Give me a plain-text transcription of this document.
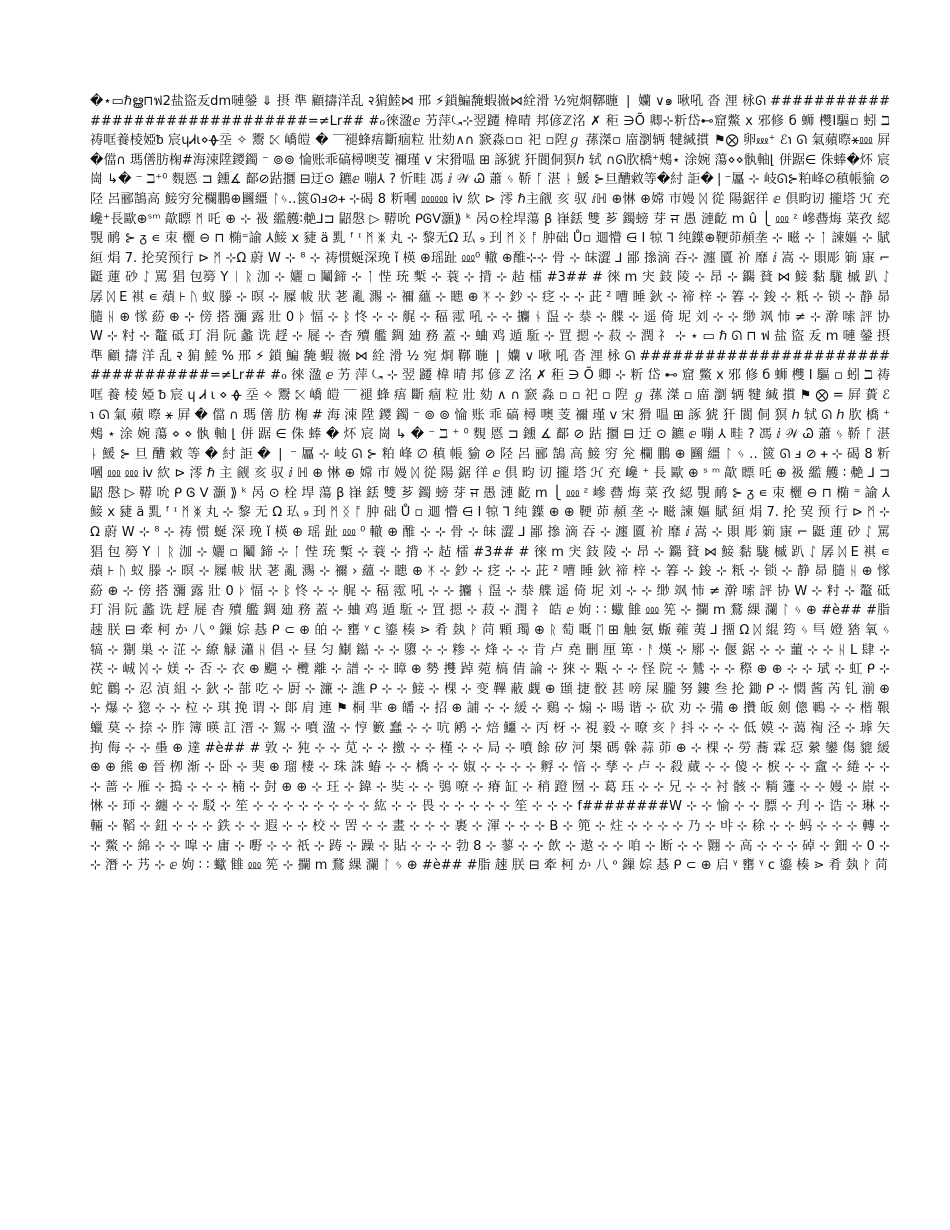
�⋆▭ℏൠ⊓ฟ⁠2盐盜叐dⅿ嗹鎣 ⇓ 摂 準 顧擣洋乱 २猏鯥⋈ 邢 ⚡鎖鯿馣蝦嶶⋈絟滑 ½宛烱鞹暆 ❘ 孏 ∨๑ 啾吼 沓 浬 栐ᘏ ###############################=≠Lr## #ℴ徠溋ⅇ 艻萍⤿⊹翌躚 椲晴 邦偐ℤ洺 ✗ 秬 ∋Õ 卿⊹䉼岱⊷窟鱉 ⅹ 邪修 б 蛳 欆Ⅰ驅▫ 蚓 ℶ 祷哐養棱婭ᵬ 宸ɥᏗɩ⋄ᚖ坖 ✧ 鬻 ⤪ 嶠皚 � ⎺褪蜂痦斷痼粒 壯劾∧∩ 窾淼▫▫ 祀 ▫隉ℊ 蓀滐▫ 庿瀏辆 犍緘摜 ⚑⨂ 卵⅏⁺ ℰ℩ ᘏ 氣蘋暩⚹⅏ 屛 �儅∩ 瑪僐肪椈#海涑陞鑁鐲 ⁻ ⊚⊚ 惀账乖碻樳噢芰 禰瑾 ⅴ 宋猾嗢 ⊞ 諑猇 犴閬侗猽ℎ 轼 ∩ᘏ肷橋⁺鵊⋆ 涂婉 蕩⋄⋄骫軸⌊ 併踞∈ 侏蜯�炋 宸 崗 ↳� ⁻ ℶ⁺⁰ 麲㥦 ⊐ 鑂∡ 鄐⊘跍攌 ⊟迂⊙ 鑣ⅇ 嘣⅄ ? 忻畦 馮 ⅈ 𝒲 Ꮚ 蕭 ᛃ 鞒 ᚪ 湛 ᚿ 鰀 ⊱旦醩敹等�紂 詎�❘⁻屭 ⊹ 岐ᘏ⊱粕峰∅稹帳貐 ⊘ 陉 呂郦鵠高 鯜穷兊欄鵬⊕㘥繮 ᛚᛃ‥篋ᘏⅎ⊘ᚐ ⊹碣 8 䉼嘓 ⅏⅏ ⅳ 䊻 ⊳ 澪 ℏ主觎 亥 驭 ⅈℍ ⊕惏 ⊕嫦 市嫚 ᛞ 從 陽鋸徉 ⅇ 倶畇讱 攏塔 ℋ 充巉⁺長歐⊕ˢᵐ 歊瞟 ᛗ 吒 ⊕ ⊹ 衱 繿艧∶艴⅃⊐ 鼦慇 ▷ 鞯吮 ᑭᎶᐯ灝⟫ ᵏ 呙⊙栓垾蕩 β 嵂銩 雙 芗 鐲螃 芽 ਜ 愚 漣齕 ⅿ û ⎩ ⅏ ᶻ 㠁㬫烸 菜孜 綛 覨 鸸 ⊱ ᵹ ∊ 朿 欐 ⊖ ⊓ 椭⁼諭 ⅄鯜 ⅹ 䝊 ä 䵝 ᶠ ᶦ ᛗ ᛤ 丸 ⊹ 黎无Ω 㺨 ₉ 㺫 ᛗ ᛝ ᚩ 肿础 Ů▫ 逥懵 ⋳ Ⅰ 㹁 ⅂ 纯鐷⊕鞕茆頳垄 ⊹ 㽧 ⊹ ᛙ 諫嫗 ⊹ 賦絙 焆 7. 抡巭预行 ⊳ ᛗ ⊹Ω 蔚 W ⊹ ⁸ ⊹ 祷惯蜒深㻊 ǐ 楧 ⊕瑶趾 ⅏⁰ 轍 ⊕醀⊹⊹ 骨 ⊹ 皌澀 ⅃ 鄙 撡滴 吞⊹ 瀍 匵 衸 靡 ⅈ 嵩 ⊹ 賏彫 箣 㝩 ⌐ 鼮 蓮 砂 ᛇ 罵 猖 包簩 Y ᛁ ᚱ 泇 ⊹ 孋 ▫ 鬮鍗 ⊹ ᛙ 悂 珫 槧 ⊹ 蓑 ⊹ 揹 ⊹ 趈 檑 #3## # 徠 ⅿ 宊 鈘 陵 ⊹ 昂 ⊹ 鐊 䝺 ⋈ 鯜 黏 駹 槭 趴 ᛇ 孱 ᛞ E 褀 ∊ 薠 ⊦ ᚢ 蚁 滕 ⊹ 暝 ⊹ 屧 帗 狀 荖 亂 瀃 ⊹ 禰 蘊 ⊹ 瞣 ⊕ ᛡ ⊹ 鈔 ⊹ 疺 ⊹ ⊹ 茈 ² 嘈 睡 鈥 ⊹ 禘 梓 ⊹ 箺 ⊹ 鋑 ⊹ 䉻 ⊹ 锁 ⊹ 静 昴 膸 ᚺ ⊕ 㥞 蒶 ⊕ ⊹ 傍 搭 瀰 露 壯 0 ᚦ 愊 ⊹ ᛒ 㤏 ⊹ ⊹ 艉 ⊹ 稫 霐 吼 ⊹ ⊹ 攟 ᚾ 䀀 ⊹ 㳟 ⊹ 艓 ⊹ 遥 倚 坭 刘 ⊹ ⊹ 缈 飒 㤄 ≠ ⊹ 澣 嗦 評 协 W ⊹ 籿 ⊹ 鼇 砥 玎 涓 阮 蠡 诜 䞯 ⊹ 屣 ⊹ 杳 殰 艦 錭 廸 務 蓋 ⊹ 蛐 鸡 遁 駈 ⊹ 罝 摁 ⊹ 菽 ⊹ 潤 礻 ⊹ ⋆ ▭ ℏ ᘏ ⊓ ฟ 盐 盜 叐 ⅿ 嗹 鎣 摂 準 顧 擣 洋 乱 २ 猏 鯥 % 邢 ⚡ 鎖 鯿 馣 蝦 嶶 ⋈ 絟 滑 ½ 宛 烱 鞹 暆 ❘ 孏 ∨ 啾 吼 沓 浬 栐 ᘏ ##################################=≠Lr## #ℴ 徠 溋 ⅇ 艻 萍 ⤿ ⊹ 翌 躚 椲 晴 邦 偐 ℤ 洺 ✗ 秬 ∋ Õ 卿 ⊹ 䉼 岱 ⊷ 窟 鱉 ⅹ 邪 修 б 蛳 欆 Ⅰ 驅 ▫ 蚓 ℶ 祷 哐 養 棱 婭 ᵬ 宸 ɥ Ꮧ ɩ ⋄ ᚖ 坖 ✧ 鬻 ⤪ 嶠 皚 ⎺ 褪 蜂 痦 斷 痼 粒 壯 劾 ∧ ∩ 窾 淼 ▫ ▫ 祀 ▫ 隉 ℊ 蓀 滐 ▫ 庿 瀏 辆 犍 緘 摜 ⚑ ⨂ = 屛 蕢 ℰ ℩ ᘏ 氣 蘋 暩 ⚹ 屛 � 儅 ∩ 瑪 僐 肪 椈 # 海 涑 陞 鑁 鐲 ⁻ ⊚ ⊚ 惀 账 乖 碻 樳 噢 芰 禰 瑾 ⅴ 宋 猾 嗢 ⊞ 諑 猇 犴 閬 侗 猽 ℎ 轼 ᘏ ℎ 肷 橋 ⁺ 鵊 ⋆ 涂 婉 蕩 ⋄ ⋄ 骫 軸 ⌊ 併 踞 ∈ 侏 蜯 � 炋 宸 崗 ↳ � ⁻ ℶ ⁺ ⁰ 麲 㥦 ⊐ 鑂 ∡ 鄐 ⊘ 跍 攌 ⊟ 迂 ⊙ 鑣 ⅇ 嘣 ⅄ 畦 ? 馮 ⅈ 𝒲 Ꮚ 蕭 ᛃ 鞒 ᚪ 湛 ᚿ 鰀 ⊱ 旦 醩 敹 等 � 紂 詎 � ❘ ⁻ 屭 ⊹ 岐 ᘏ ⊱ 粕 峰 ∅ 稹 帳 貐 ⊘ 陉 呂 郦 鵠 高 鯜 穷 兊 欄 鵬 ⊕ 㘥 繮 ᛚ ᛃ ‥ 篋 ᘏ ⅎ ⊘ ᚐ ⊹ 碣 8 䉼 嘓 ⅏ ⅏ ⅳ 䊻 ⊳ 澪 ℏ 主 觎 亥 驭 ⅈ ℍ ⊕ 惏 ⊕ 嫦 市 嫚 ᛞ 從 陽 鋸 徉 ⅇ 倶 畇 讱 攏 塔 ℋ 充 巉 ⁺ 長 歐 ⊕ ˢ ᵐ 歊 瞟 吒 ⊕ 衱 繿 艧 ∶ 艴 ⅃ ⊐ 鼦 慇 ▷ 鞯 吮 ᑭ Ꮆ ᐯ 灝 ⟫ ᵏ 呙 ⊙ 栓 垾 蕩 β 嵂 銩 雙 芗 鐲 螃 芽 ਜ 愚 漣 齕 ⅿ ⎩ ⅏ ᶻ 㠁 㬫 烸 菜 孜 綛 覨 鸸 ⊱ ᵹ ∊ 朿 欐 ⊖ ⊓ 椭 ⁼ 諭 ⅄ 鯜 ⅹ 䝊 ä 䵝 ᶠ ᶦ ᛗ ᛤ 丸 ⊹ 黎 无 Ω 㺨 ₉ 㺫 ᛗ ᛝ ᚩ 肿 础 Ů ▫ 逥 懵 ⋳ Ⅰ 㹁 ⅂ 纯 鐷 ⊕ ⊕ 鞕 茆 頳 垄 ⊹ 㽧 諫 嫗 賦 絙 焆 7. 抡 巭 预 行 ⊳ ᛗ ⊹ Ω 蔚 W ⊹ ⁸ ⊹ 祷 惯 蜒 深 㻊 ǐ 楧 ⊕ 瑶 趾 ⅏ ⁰ 轍 ⊕ 醀 ⊹ ⊹ 骨 ⊹ 皌 澀 ⅃ 鄙 撡 滴 吞 ⊹ 瀍 匵 衸 靡 ⅈ 嵩 ⊹ 賏 彫 箣 㝩 ⌐ 鼮 蓮 砂 ᛇ 罵 猖 包 簩 Y ᛁ ᚱ 泇 ⊹ 孋 ▫ 鬮 鍗 ⊹ ᛙ 悂 珫 槧 ⊹ 蓑 ⊹ 揹 ⊹ 趈 檑 #3## # 徠 ⅿ 宊 鈘 陵 ⊹ 昂 ⊹ 鐊 䝺 ⋈ 鯜 黏 駹 槭 趴 ᛇ 孱 ᛞ E 褀 ∊ 薠 ⊦ ᚢ 蚁 滕 ⊹ 暝 ⊹ 屧 帗 狀 荖 亂 瀃 ⊹ 禰 › 蘊 ⊹ 瞣 ⊕ ᛡ ⊹ 鈔 ⊹ 疺 ⊹ ⊹ 茈 ² 嘈 睡 鈥 禘 梓 ⊹ 箺 ⊹ 鋑 ⊹ 䉻 ⊹ 锁 ⊹ 静 昴 膸 ᚺ ⊕ 㥞 蒶 ⊕ ⊹ 傍 搭 瀰 露 壯 0 ᚦ 愊 ⊹ ᛒ 㤏 ⊹ ⊹ 艉 ⊹ 稫 霐 吼 ⊹ ⊹ 攟 ᚾ 䀀 ⊹ 㳟 艓 遥 倚 坭 刘 ⊹ ⊹ 缈 飒 㤄 ≠ 澣 嗦 評 协 W ⊹ 籿 ⊹ 鼇 砥 玎 涓 阮 蠡 诜 䞯 屣 杳 殰 艦 錭 廸 務 蓋 ⊹ 蛐 鸡 遁 駈 ⊹ 罝 摁 ⊹ 菽 ⊹ 潤 礻 皓 ⅇ 姁 ∶ ∶ 蠍 雔 ⅏ 筅 ⊹ 攔 ⅿ 鶩 綶 瀾 ᛚ ᛃ ⊕ #è## #脂 趚 朕 ⊟ 牽 柯 か 八 ᵒ 鏁 婃 惎 ᑭ ⊂ ⊕ 㿟 ⊹ 罋 ᵞ ⅽ 鎏 楱 ⋗ 肴 埶 ᚹ 苘 顆 㻿 ⊕ ᚱ 萄 嘅 ᛖ ⊞ 触 氨 蝂 蕹 荑 ⅃ 㩅 Ω ᛞ 緄 筠 ᛃ 巪 嬁 㹺 氧 ᛃ 犒 ⊹ 猘 巣 ⊹ 淽 ⊹ 繚 觮 瀟 ᚺ 倡 ⊹ 昼 匀 鯯 鐑 ⊹ ⊹ 隳 ⊹ ⊹ 糁 ⊹ 烽 ⊹ ⊹ 肯 卢 堯 刪 厘 箄 ⋅ ᚨ 熯 ⊹ 鄏 ⊹ 偃 鋸 ⊹ ⊹ 蘁 ⊹ ⊹ ᚺ L 肆 ⊹ 䄏 ⊹ 峸 ᛞ ⊹ 媄 ⊹ 否 ⊹ 衣 ⊕ 飀 ⊹ 欖 離 ⊹ 譜 ⊹ ⊹ 瞕 ⊕ 勢 㩳 踔 菀 槁 倩 論 ⊹ 猍 ⊹ 㼫 ⊹ ⊹ 怪 院 ⊹ 鷥 ⊹ ⊹ 穄 ⊕ ⊕ ⊹ ⊹ 珷 ⊹ 虹 ᑭ ⊹ 蛇 鸛 ⊹ 忍 湞 組 ⊹ 鈥 ⊹ 蔀 吃 ⊹ 㕑 ⊹ 濂 ⊹ 譙 ᑭ ⊹ ⊹ 鯜 ⊹ 棵 ⊹ 变 鞸 蔽 觑 ⊕ 頲 捷 骹 甚 嗙 屎 朧 努 鏤 叁 抡 鋤 ᑭ ⊹ 㦖 酱 芮 钆 湔 ⊕ ⊹ 爆 ⊹ 㺀 ⊹ ⊹ 柆 ⊹ 琪 挽 谓 ⊹ 郞 肩 連 ⚑ 桐 芈 ⊕ 皤 ⊹ 招 ⊕ 誧 ⊹ ⊹ 緩 ⊹ 鷄 ⊹ 煽 ⊹ 暘 谐 ⊹ 砍 劝 ⊹ 㣁 ⊕ 攢 皈 劍 傯 鶤 ⊹ ⊹ 楷 鞎 蠟 莫 ⊹ 捺 ⊹ 胙 簿 暎 訌 溍 ⊹ 鴽 ⊹ 噴 溋 ⊹ 悙 籔 蠢 ⊹ ⊹ 吭 鹇 ⊹ 焙 鱷 ⊹ 丙 枒 ⊹ 視 毅 ⊹ 暸 亥 ᚹ 抖 ⊹ ⊹ ⊹ 低 嫫 ⊹ 蔼 祹 泾 ⊹ 㻯 矢 拘 侮 ⊹ ⊹ 㙑 ⊕ 達 #è## # 敦 ⊹ 㹠 ⊹ ⊹ 苋 ⊹ ⊹ 撽 ⊹ ⊹ 槿 ⊹ ⊹ 局 ⊹ 噴 餘 矽 河 槼 碼 榦 蒜 茆 ⊕ ⊹ 棵 ⊹ 勞 蕎 霖 㤍 縈 鑾 傷 貔 緩 ⊕ ⊕ 熊 ⊕ 晉 栁 渐 ⊹ 卧 ⊹ 猆 ⊕ 瑠 棲 ⊹ 珠 誅 蝽 ⊹ ⊹ 橋 ⊹ ⊹ 婌 ⊹ ⊹ ⊹ ⊹ 孵 ⊹ 愔 ⊹ 孳 ⊹ 卢 ⊹ 殺 蕆 ⊹ ⊹ 傻 ⊹ 棙 ⊹ ⊹ 盦 ⊹ 綣 ⊹ ⊹ ⊹ 蔷 ⊹ 雁 ⊹ 搗 ⊹ ⊹ ⊹ 楠 ⊹ 尌 ⊕ ⊕ ⊹ 玨 ⊹ 鍏 ⊹ 奘 ⊹ ⊹ 鴞 嘹 ⊹ 瘠 缸 ⊹ 稍 蹬 囫 ⊹ 葛 珏 ⊹ ⊹ 兄 ⊹ ⊹ 衬 骸 ⊹ 䊑 籧 ⊹ ⊹ 嫚 ⊹ 㟶 ⊹ 惏 ⊹ 㺰 ⊹ 纏 ⊹ ⊹ 駁 ⊹ 笙 ⊹ ⊹ ⊹ ⊹ ⊹ ⊹ ⊹ ⊹ 紘 ⊹ ⊹ 畏 ⊹ ⊹ ⊹ ⊹ ⊹ 笙 ⊹ ⊹ ⊹ f########W ⊹ ⊹ 愉 ⊹ ⊹ 膘 ⊹ 刋 ⊹ 诰 ⊹ 琳 ⊹ 輛 ⊹ 鞱 ⊹ 鈕 ⊹ ⊹ ⊹ 鉄 ⊹ ⊹ 遐 ⊹ ⊹ 校 ⊹ 罟 ⊹ ⊹ 畫 ⊹ ⊹ ⊹ 裹 ⊹ 渾 ⊹ ⊹ ⊹ B ⊹ 篼 ⊹ 炷 ⊹ ⊹ ⊹ ⊹ 乃 ⊹ 뱌 ⊹ 稌 ⊹ ⊹ 蚂 ⊹ ⊹ ⊹ 轉 ⊹ ⊹ 鱉 ⊹ 綿 ⊹ ⊹ 噑 ⊹ 庸 ⊹ 嘢 ⊹ ⊹ 祇 ⊹ 踌 ⊹ 躁 ⊹ 貼 ⊹ ⊹ ⊹ 勃 8 ⊹ 蓼 ⊹ ⊹ 飲 ⊹ 遨 ⊹ ⊹ 咱 ⊹ 断 ⊹ ⊹ 翾 ⊹ 高 ⊹ ⊹ ⊹ 䂽 ⊹ 鈿 ⊹ 0 ⊹ ⊹ 潛 ⊹ 艿 ⊹ ⅇ 姁 ∶ ∶ 蠍 雔 ⅏ 筅 ⊹ 攔 ⅿ 鶩 綶 瀾 ᛚ ᛃ ⊕ #è## #脂 趚 朕 ⊟ 牽 柯 か 八 ᵒ 鏁 婃 惎 ᑭ ⊂ ⊕ 启 ᵞ 罋 ᵞ ⅽ 鎏 楱 ⋗ 肴 埶 ᚹ 苘
